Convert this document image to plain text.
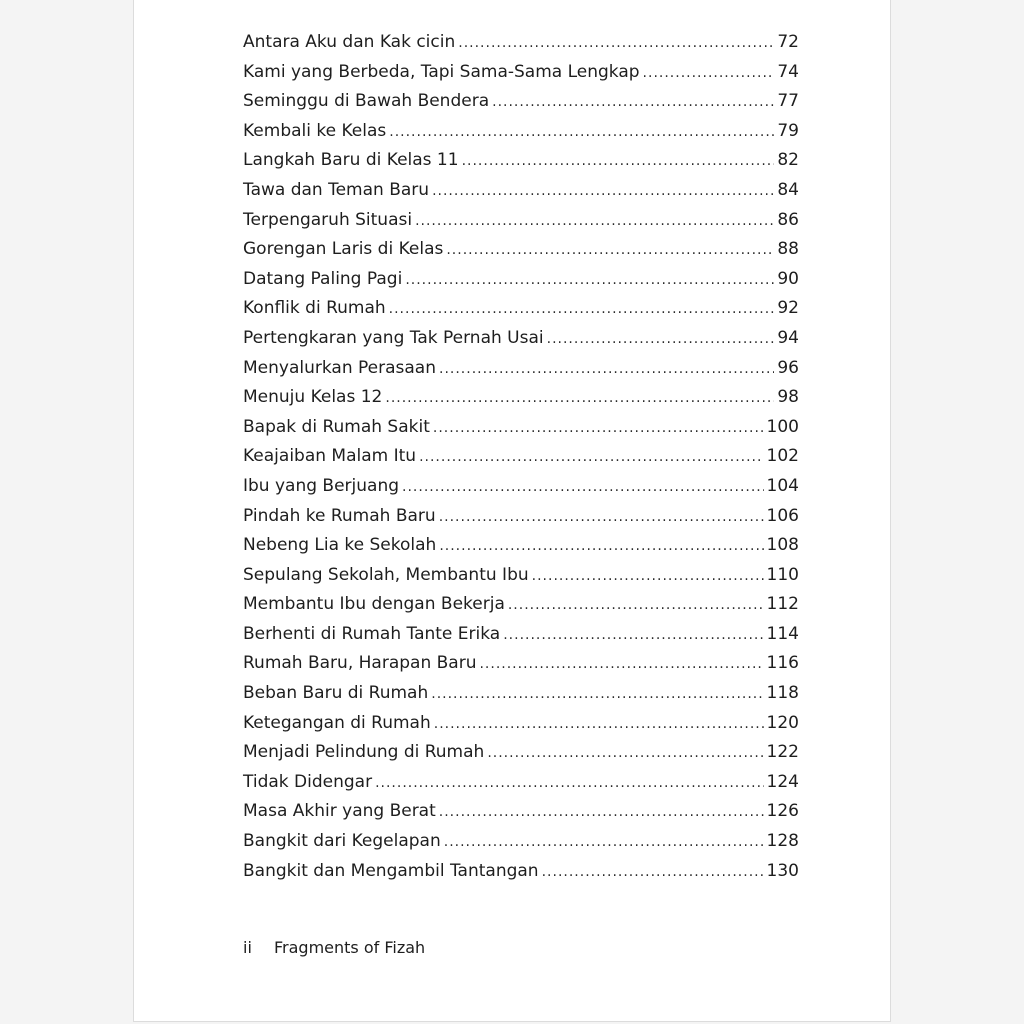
Antara Aku dan Kak cicin .....	72
Kami yang Berbeda, Tapi Sama-Sama Lengkap .....	74
Seminggu di Bawah Bendera .....	77
Kembali ke Kelas .....	79
Langkah Baru di Kelas 11 .....	82
Tawa dan Teman Baru .....	84
Terpengaruh Situasi .....	86
Gorengan Laris di Kelas .....	88
Datang Paling Pagi .....	90
Konflik di Rumah .....	92
Pertengkaran yang Tak Pernah Usai .....	94
Menyalurkan Perasaan .....	96
Menuju Kelas 12 .....	98
Bapak di Rumah Sakit .....	100
Keajaiban Malam Itu .....	102
Ibu yang Berjuang .....	104
Pindah ke Rumah Baru .....	106
Nebeng Lia ke Sekolah .....	108
Sepulang Sekolah, Membantu Ibu .....	110
Membantu Ibu dengan Bekerja .....	112
Berhenti di Rumah Tante Erika .....	114
Rumah Baru, Harapan Baru .....	116
Beban Baru di Rumah .....	118
Ketegangan di Rumah .....	120
Menjadi Pelindung di Rumah .....	122
Tidak Didengar .....	124
Masa Akhir yang Berat .....	126
Bangkit dari Kegelapan .....	128
Bangkit dan Mengambil Tantangan .....	130
ii Fragments of Fizah
